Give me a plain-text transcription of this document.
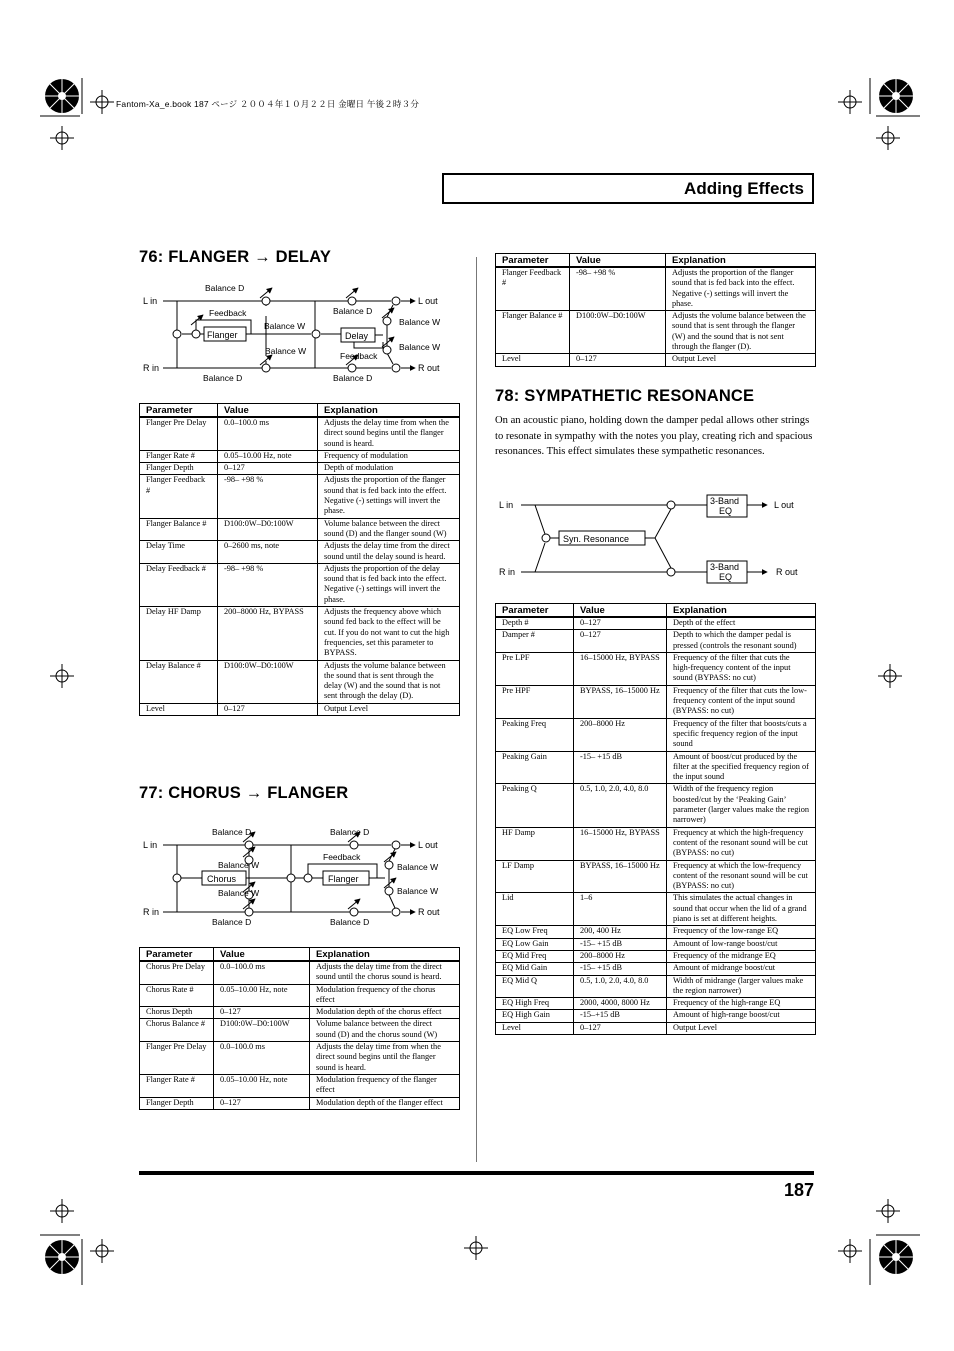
Fantom-Xa_e.book 187 ページ ２００４年１０月２２日 金曜日 午後２時３分
Adding Effects
76: FLANGER → DELAY
L in
R in
L out
R out
Balance D
Balance D
Balance D
Balance D
Feedback
Feedback
Balance W
Balance W
Balance W
Balance W
Flanger	Delay
Parameter	Value	Explanation
Flanger Pre Delay	0.0–100.0 ms	Adjusts the delay time from when the direct sound begins until the flanger sound is heard.
Flanger Rate #	0.05–10.00 Hz, note	Frequency of modulation
Flanger Depth	0–127	Depth of modulation
Flanger Feedback #	-98– +98 %	Adjusts the proportion of the flanger sound that is fed back into the effect. Negative (-) settings will invert the phase.
Flanger Balance #	D100:0W–D0:100W	Volume balance between the direct sound (D) and the flanger sound (W)
Delay Time	0–2600 ms, note	Adjusts the delay time from the direct sound until the delay sound is heard.
Delay Feedback #	-98– +98 %	Adjusts the proportion of the delay sound that is fed back into the effect. Negative (-) settings will invert the phase.
Delay HF Damp	200–8000 Hz, BYPASS	Adjusts the frequency above which sound fed back to the effect will be cut. If you do not want to cut the high frequencies, set this parameter to BYPASS.
Delay Balance #	D100:0W–D0:100W	Adjusts the volume balance between the sound that is sent through the delay (W) and the sound that is not sent through the delay (D).
Level	0–127	Output Level
77: CHORUS → FLANGER
L in
R in
L out
R out
Balance D
Balance D
Balance D
Balance D
Balance W
Balance W
Balance W
Balance W
Feedback
Chorus	Flanger
Parameter	Value	Explanation
Chorus Pre Delay	0.0–100.0 ms	Adjusts the delay time from the direct sound until the chorus sound is heard.
Chorus Rate #	0.05–10.00 Hz, note	Modulation frequency of the chorus effect
Chorus Depth	0–127	Modulation depth of the chorus effect
Chorus Balance #	D100:0W–D0:100W	Volume balance between the direct sound (D) and the chorus sound (W)
Flanger Pre Delay	0.0–100.0 ms	Adjusts the delay time from when the direct sound begins until the flanger sound is heard.
Flanger Rate #	0.05–10.00 Hz, note	Modulation frequency of the flanger effect
Flanger Depth	0–127	Modulation depth of the flanger effect
Parameter	Value	Explanation
Flanger Feedback #	-98– +98 %	Adjusts the proportion of the flanger sound that is fed back into the effect. Negative (-) settings will invert the phase.
Flanger Balance #	D100:0W–D0:100W	Adjusts the volume balance between the sound that is sent through the flanger (W) and the sound that is not sent through the flanger (D).
Level	0–127	Output Level
78: SYMPATHETIC RESONANCE
On an acoustic piano, holding down the damper pedal allows other strings to resonate in sympathy with the notes you play, creating rich and spacious resonances. This effect simulates these sympathetic resonances.
L in
R in
L out
R out
Syn. Resonance
3-Band
EQ
3-Band
EQ
Parameter	Value	Explanation
Depth #	0–127	Depth of the effect
Damper #	0–127	Depth to which the damper pedal is pressed (controls the resonant sound)
Pre LPF	16–15000 Hz, BYPASS	Frequency of the filter that cuts the high-frequency content of the input sound (BYPASS: no cut)
Pre HPF	BYPASS, 16–15000 Hz	Frequency of the filter that cuts the low-frequency content of the input sound (BYPASS: no cut)
Peaking Freq	200–8000 Hz	Frequency of the filter that boosts/cuts a specific frequency region of the input sound
Peaking Gain	-15– +15 dB	Amount of boost/cut produced by the filter at the specified frequency region of the input sound
Peaking Q	0.5, 1.0, 2.0, 4.0, 8.0	Width of the frequency region boosted/cut by the ‘Peaking Gain’ parameter (larger values make the region narrower)
HF Damp	16–15000 Hz, BYPASS	Frequency at which the high-frequency content of the resonant sound will be cut (BYPASS: no cut)
LF Damp	BYPASS, 16–15000 Hz	Frequency at which the low-frequency content of the resonant sound will be cut (BYPASS: no cut)
Lid	1–6	This simulates the actual changes in sound that occur when the lid of a grand piano is set at different heights.
EQ Low Freq	200, 400 Hz	Frequency of the low-range EQ
EQ Low Gain	-15– +15 dB	Amount of low-range boost/cut
EQ Mid Freq	200–8000 Hz	Frequency of the midrange EQ
EQ Mid Gain	-15– +15 dB	Amount of midrange boost/cut
EQ Mid Q	0.5, 1.0, 2.0, 4.0, 8.0	Width of midrange (larger values make the region narrower)
EQ High Freq	2000, 4000, 8000 Hz	Frequency of the high-range EQ
EQ High Gain	-15–+15 dB	Amount of high-range boost/cut
Level	0–127	Output Level
187
